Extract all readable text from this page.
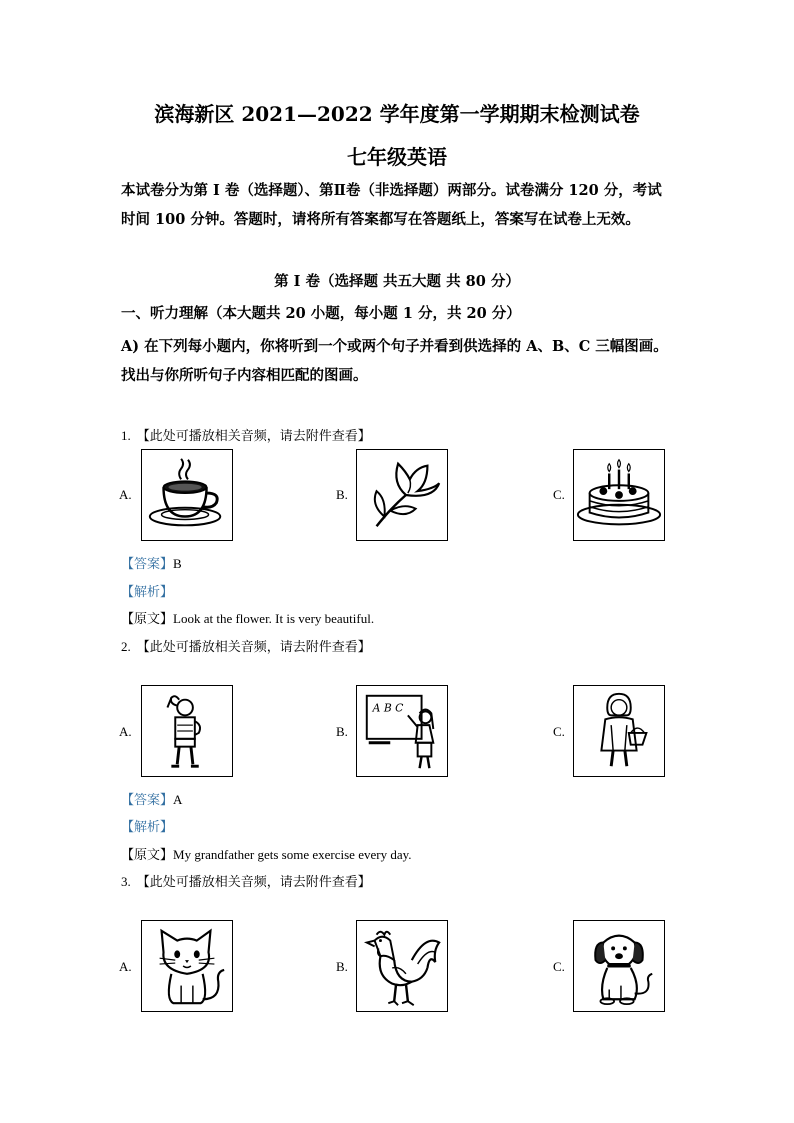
滨海新区 2021—2022 学年度第一学期期末检测试卷
七年级英语
本试卷分为第 I 卷（选择题）、第Ⅱ卷（非选择题）两部分。试卷满分 120 分，考试时间 100 分钟。答题时，请将所有答案都写在答题纸上，答案写在试卷上无效。
第 I 卷（选择题 共五大题 共 80 分）
一、听力理解（本大题共 20 小题，每小题 1 分，共 20 分）
A) 在下列每小题内，你将听到一个或两个句子并看到供选择的 A、B、C 三幅图画。找出与你所听句子内容相匹配的图画。
1. 【此处可播放相关音频，请去附件查看】
A.	B.	C.
【答案】B
【解析】
【原文】Look at the flower. It is very beautiful.
2. 【此处可播放相关音频，请去附件查看】
A.	B.
A B C
C.
【答案】A
【解析】
【原文】My grandfather gets some exercise every day.
3. 【此处可播放相关音频，请去附件查看】
A.	B.	C.
